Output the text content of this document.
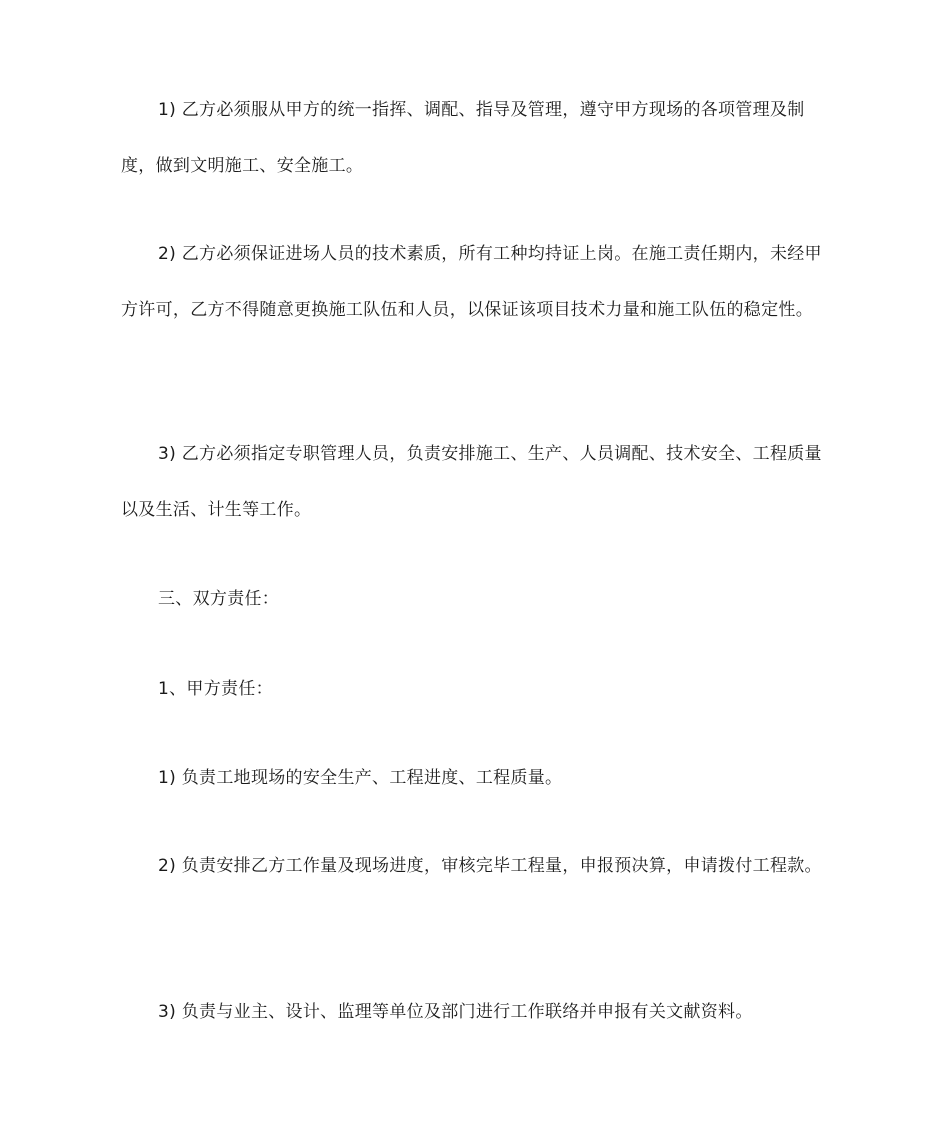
1) 乙方必须服从甲方的统一指挥、调配、指导及管理，遵守甲方现场的各项管理及制度，做到文明施工、安全施工。

2) 乙方必须保证进场人员的技术素质，所有工种均持证上岗。在施工责任期内，未经甲方许可，乙方不得随意更换施工队伍和人员，以保证该项目技术力量和施工队伍的稳定性。

3) 乙方必须指定专职管理人员，负责安排施工、生产、人员调配、技术安全、工程质量以及生活、计生等工作。

三、双方责任：

1、甲方责任：

1) 负责工地现场的安全生产、工程进度、工程质量。

2) 负责安排乙方工作量及现场进度，审核完毕工程量，申报预决算，申请拨付工程款。

3) 负责与业主、设计、监理等单位及部门进行工作联络并申报有关文献资料。
